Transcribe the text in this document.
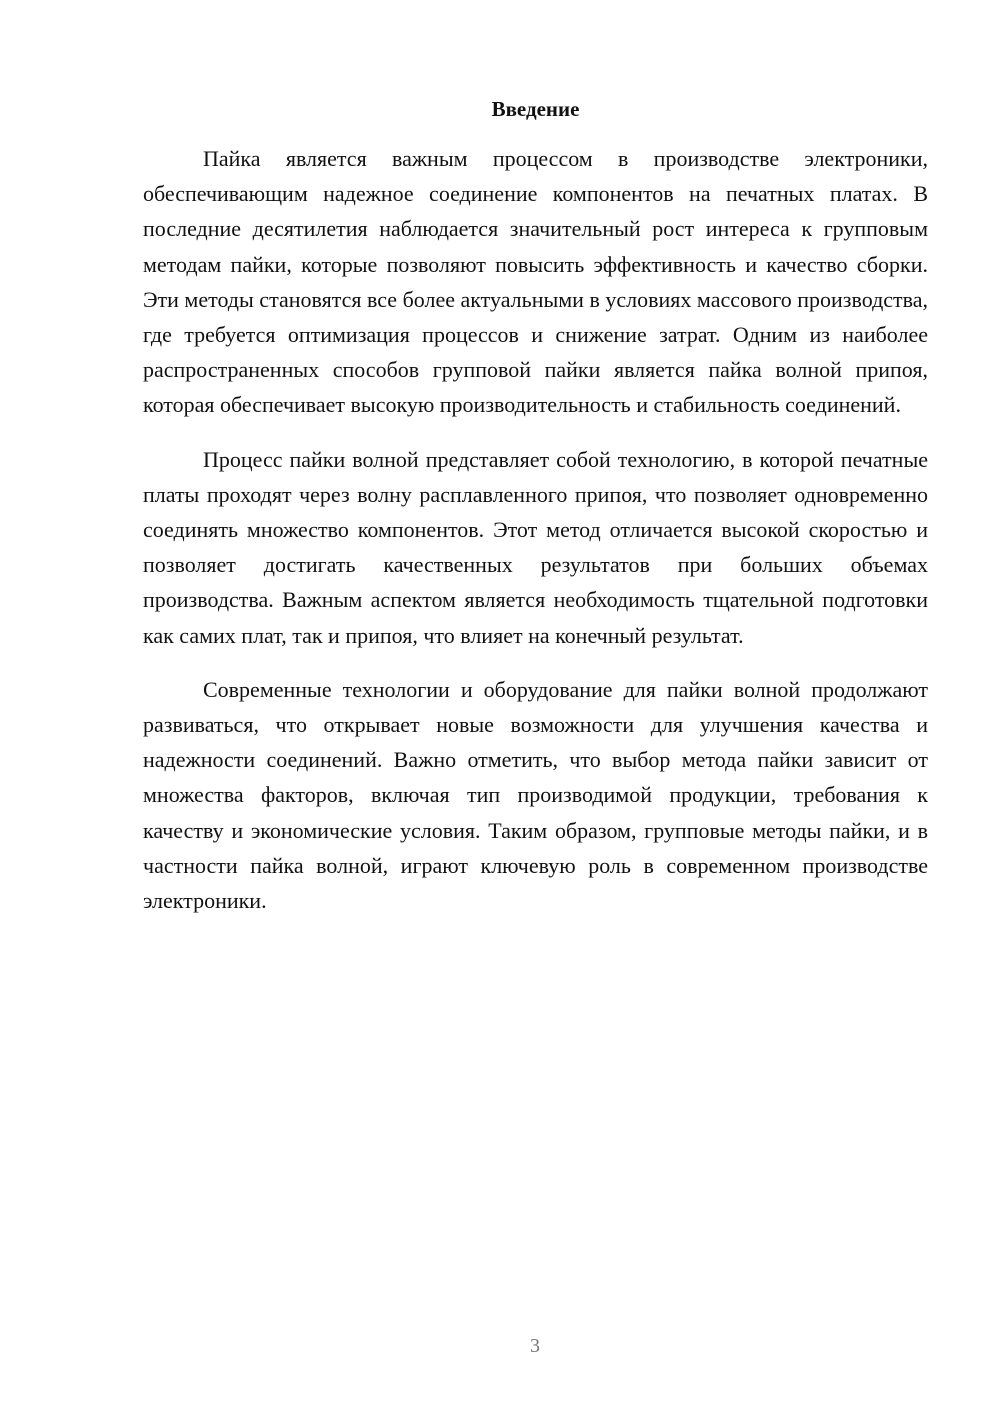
Введение

Пайка является важным процессом в производстве электроники, обеспечивающим надежное соединение компонентов на печатных платах. В последние десятилетия наблюдается значительный рост интереса к групповым методам пайки, которые позволяют повысить эффективность и качество сборки. Эти методы становятся все более актуальными в условиях массового производства, где требуется оптимизация процессов и снижение затрат. Одним из наиболее распространенных способов групповой пайки является пайка волной припоя, которая обеспечивает высокую производительность и стабильность соединений.

Процесс пайки волной представляет собой технологию, в которой печатные платы проходят через волну расплавленного припоя, что позволяет одновременно соединять множество компонентов. Этот метод отличается высокой скоростью и позволяет достигать качественных результатов при больших объемах производства. Важным аспектом является необходимость тщательной подготовки как самих плат, так и припоя, что влияет на конечный результат.

Современные технологии и оборудование для пайки волной продолжают развиваться, что открывает новые возможности для улучшения качества и надежности соединений. Важно отметить, что выбор метода пайки зависит от множества факторов, включая тип производимой продукции, требования к качеству и экономические условия. Таким образом, групповые методы пайки, и в частности пайка волной, играют ключевую роль в современном производстве электроники.

3
